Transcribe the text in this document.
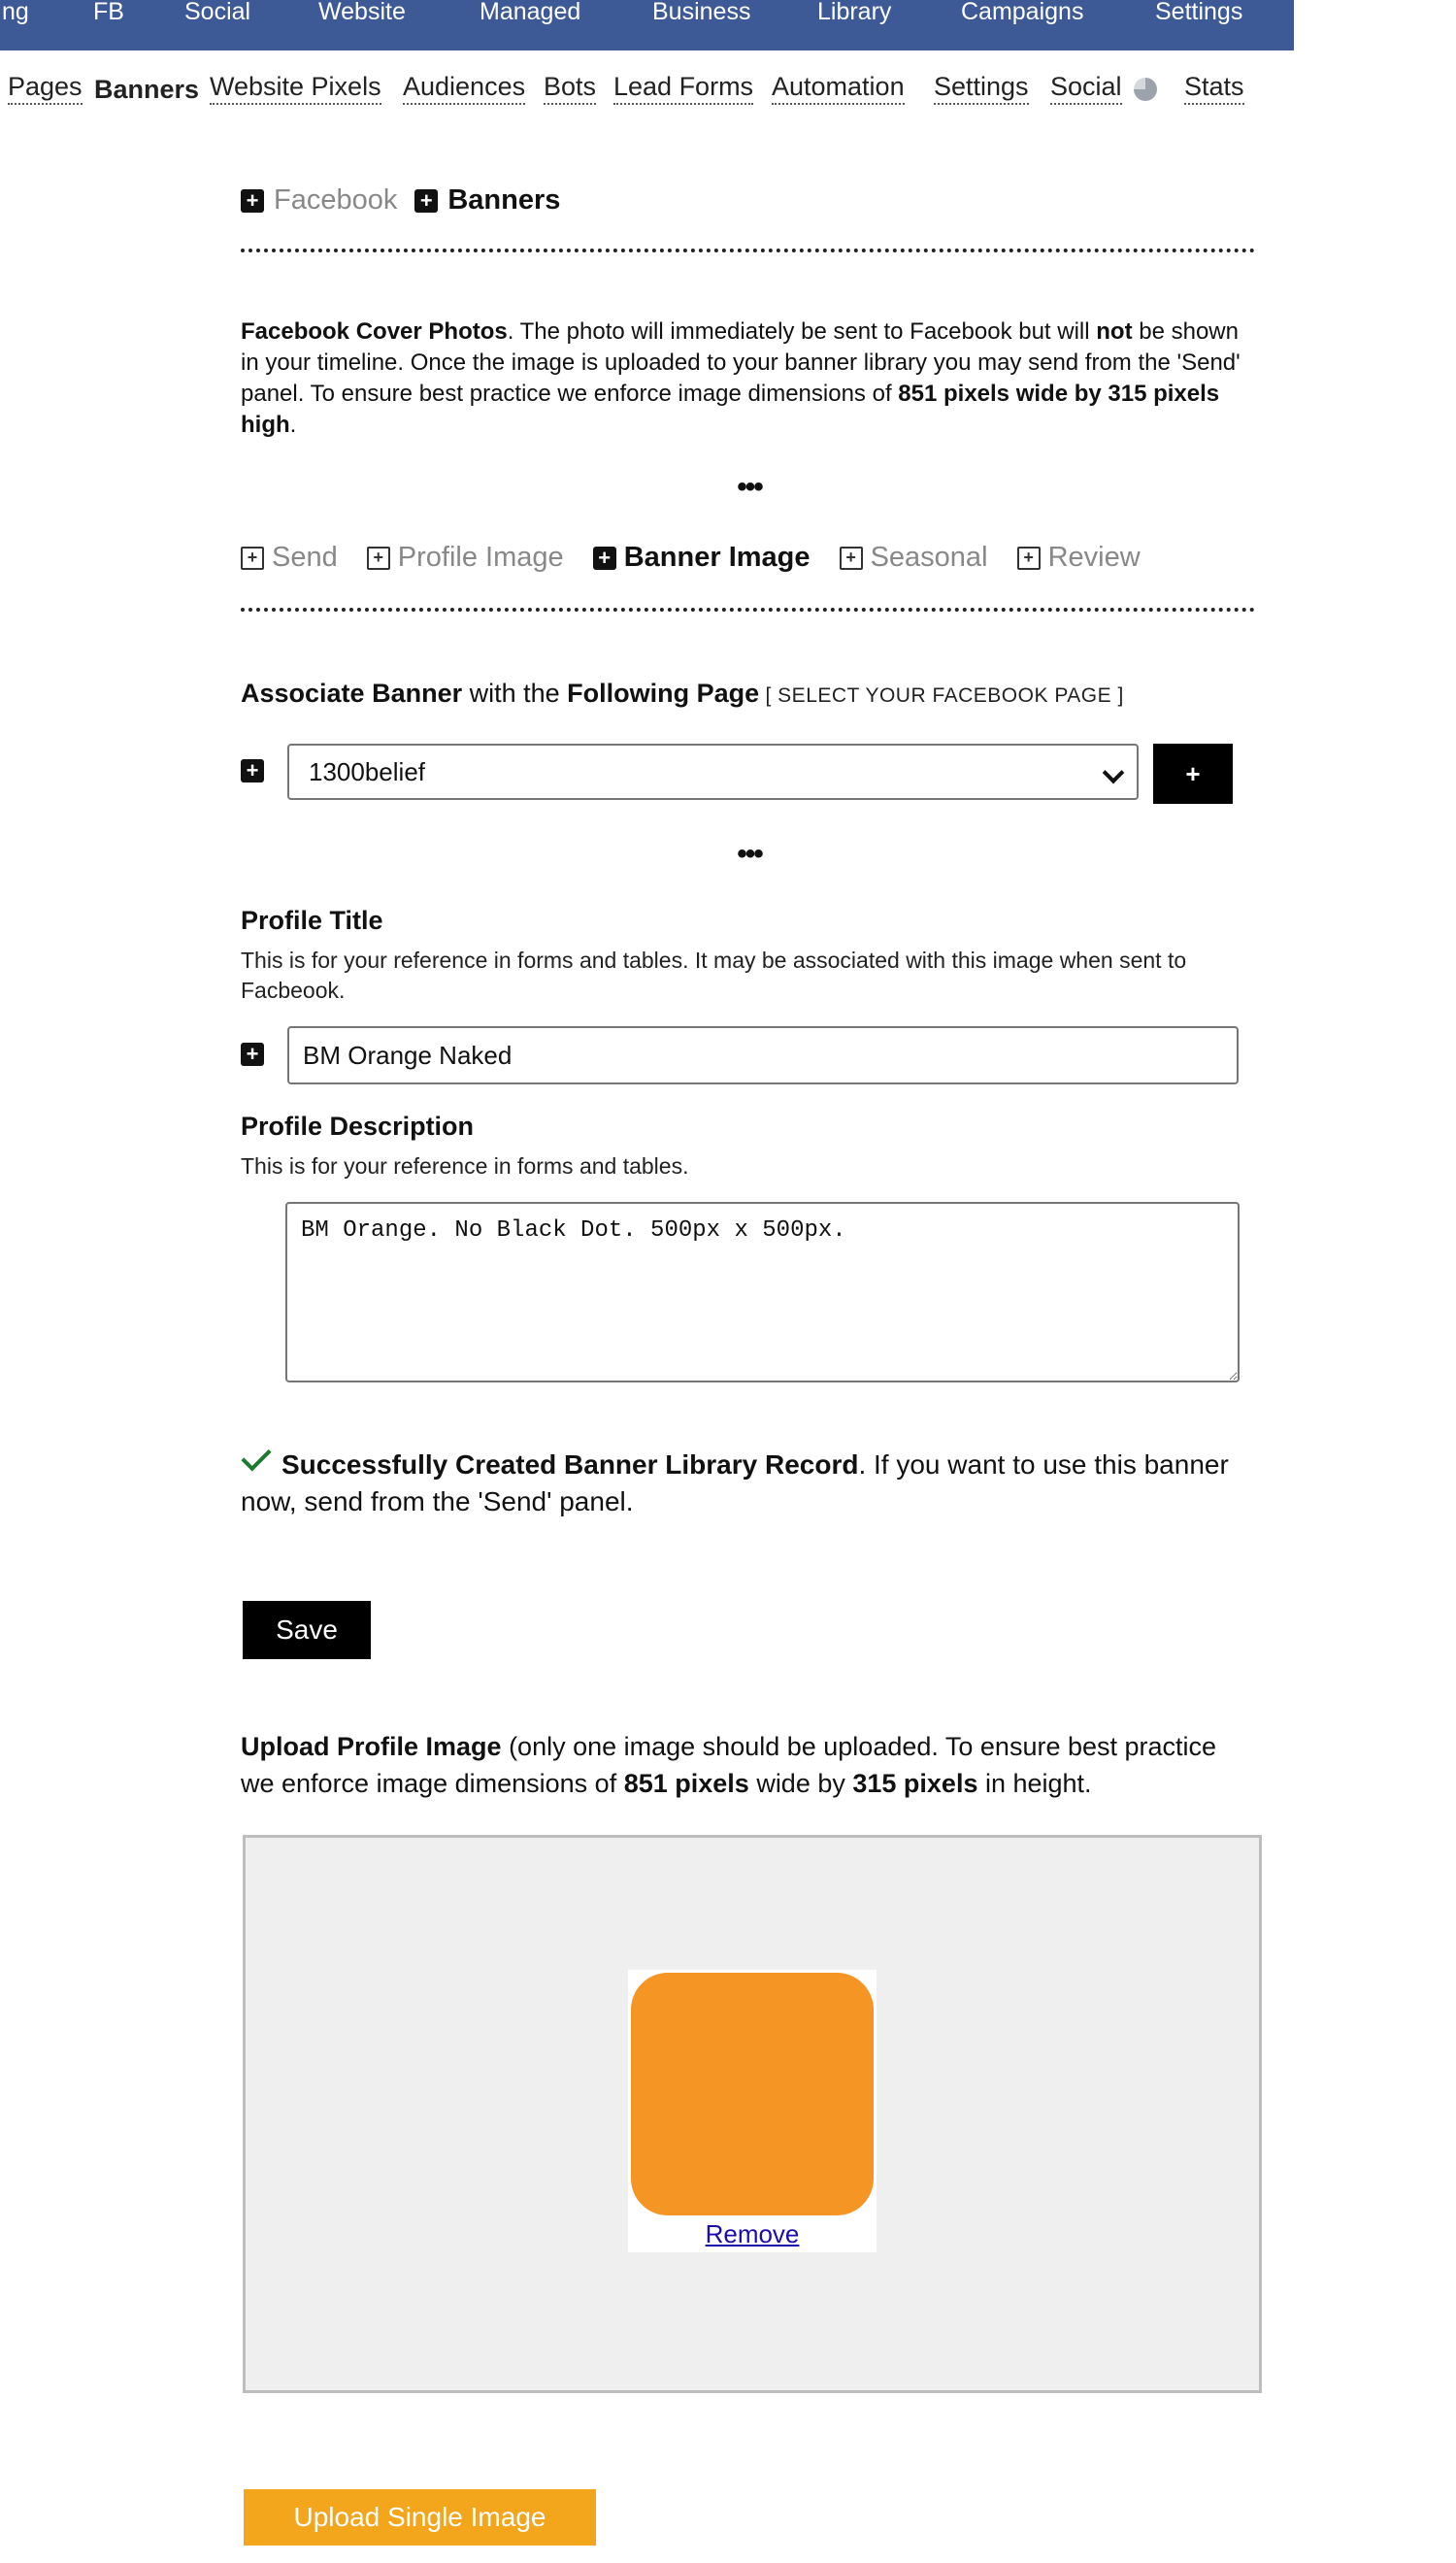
ng	FB Social	Website	Managed	Business	Library	Campaigns	Settings
Pages Banners Website Pixels Audiences Bots Lead Forms Automation Settings Social Stats
+ Facebook + Banners
Facebook Cover Photos. The photo will immediately be sent to Facebook but will not be shown in your timeline. Once the image is uploaded to your banner library you may send from the 'Send' panel. To ensure best practice we enforce image dimensions of 851 pixels wide by 315 pixels high.
•••
+ Send + Profile Image + Banner Image + Seasonal + Review
Associate Banner with the Following Page [ SELECT YOUR FACEBOOK PAGE ]
+	1300belief	+
•••
Profile Title
This is for your reference in forms and tables. It may be associated with this image when sent to Facbeook.
+
BM Orange Naked
Profile Description
This is for your reference in forms and tables.
BM Orange. No Black Dot. 500px x 500px.
Successfully Created Banner Library Record. If you want to use this banner now, send from the 'Send' panel.
Save
Upload Profile Image (only one image should be uploaded. To ensure best practice we enforce image dimensions of 851 pixels wide by 315 pixels in height.
Remove
Upload Single Image
